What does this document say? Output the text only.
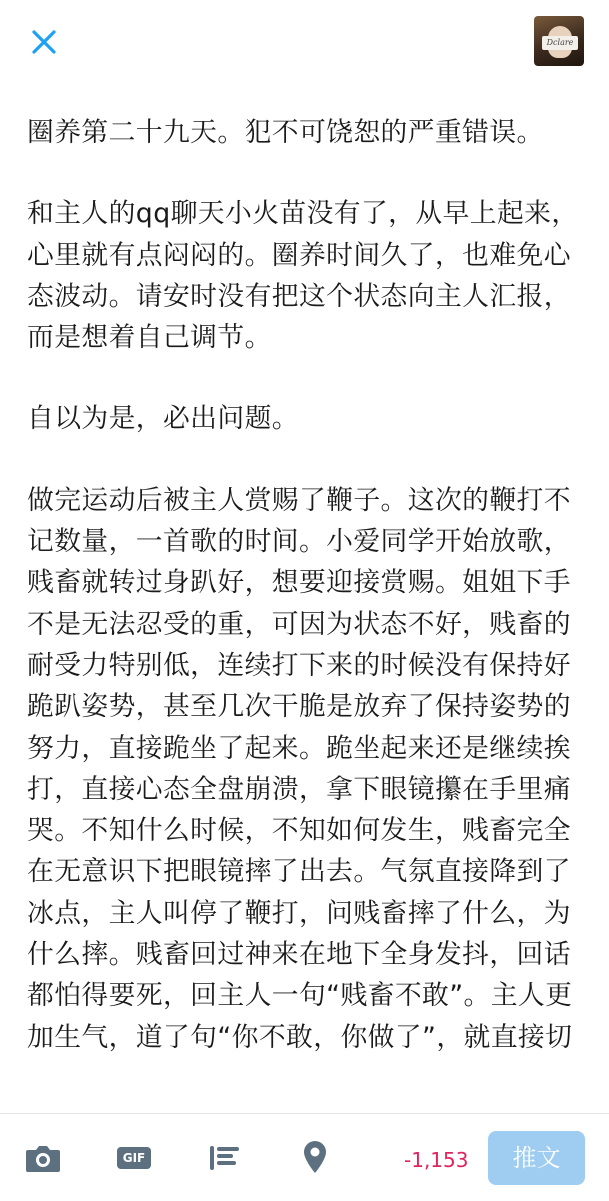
Dclare

圈养第二十九天。犯不可饶恕的严重错误。

和主人的qq聊天小火苗没有了，从早上起来，心里就有点闷闷的。圈养时间久了，也难免心态波动。请安时没有把这个状态向主人汇报，而是想着自己调节。

自以为是，必出问题。

做完运动后被主人赏赐了鞭子。这次的鞭打不记数量，一首歌的时间。小爱同学开始放歌，贱畜就转过身趴好，想要迎接赏赐。姐姐下手不是无法忍受的重，可因为状态不好，贱畜的耐受力特别低，连续打下来的时候没有保持好跪趴姿势，甚至几次干脆是放弃了保持姿势的努力，直接跪坐了起来。跪坐起来还是继续挨打，直接心态全盘崩溃，拿下眼镜攥在手里痛哭。不知什么时候，不知如何发生，贱畜完全在无意识下把眼镜摔了出去。气氛直接降到了冰点，主人叫停了鞭打，问贱畜摔了什么，为什么摔。贱畜回过神来在地下全身发抖，回话都怕得要死，回主人一句“贱畜不敢”。主人更加生气，道了句“你不敢，你做了”，就直接切

GIF	-1,153	推文
